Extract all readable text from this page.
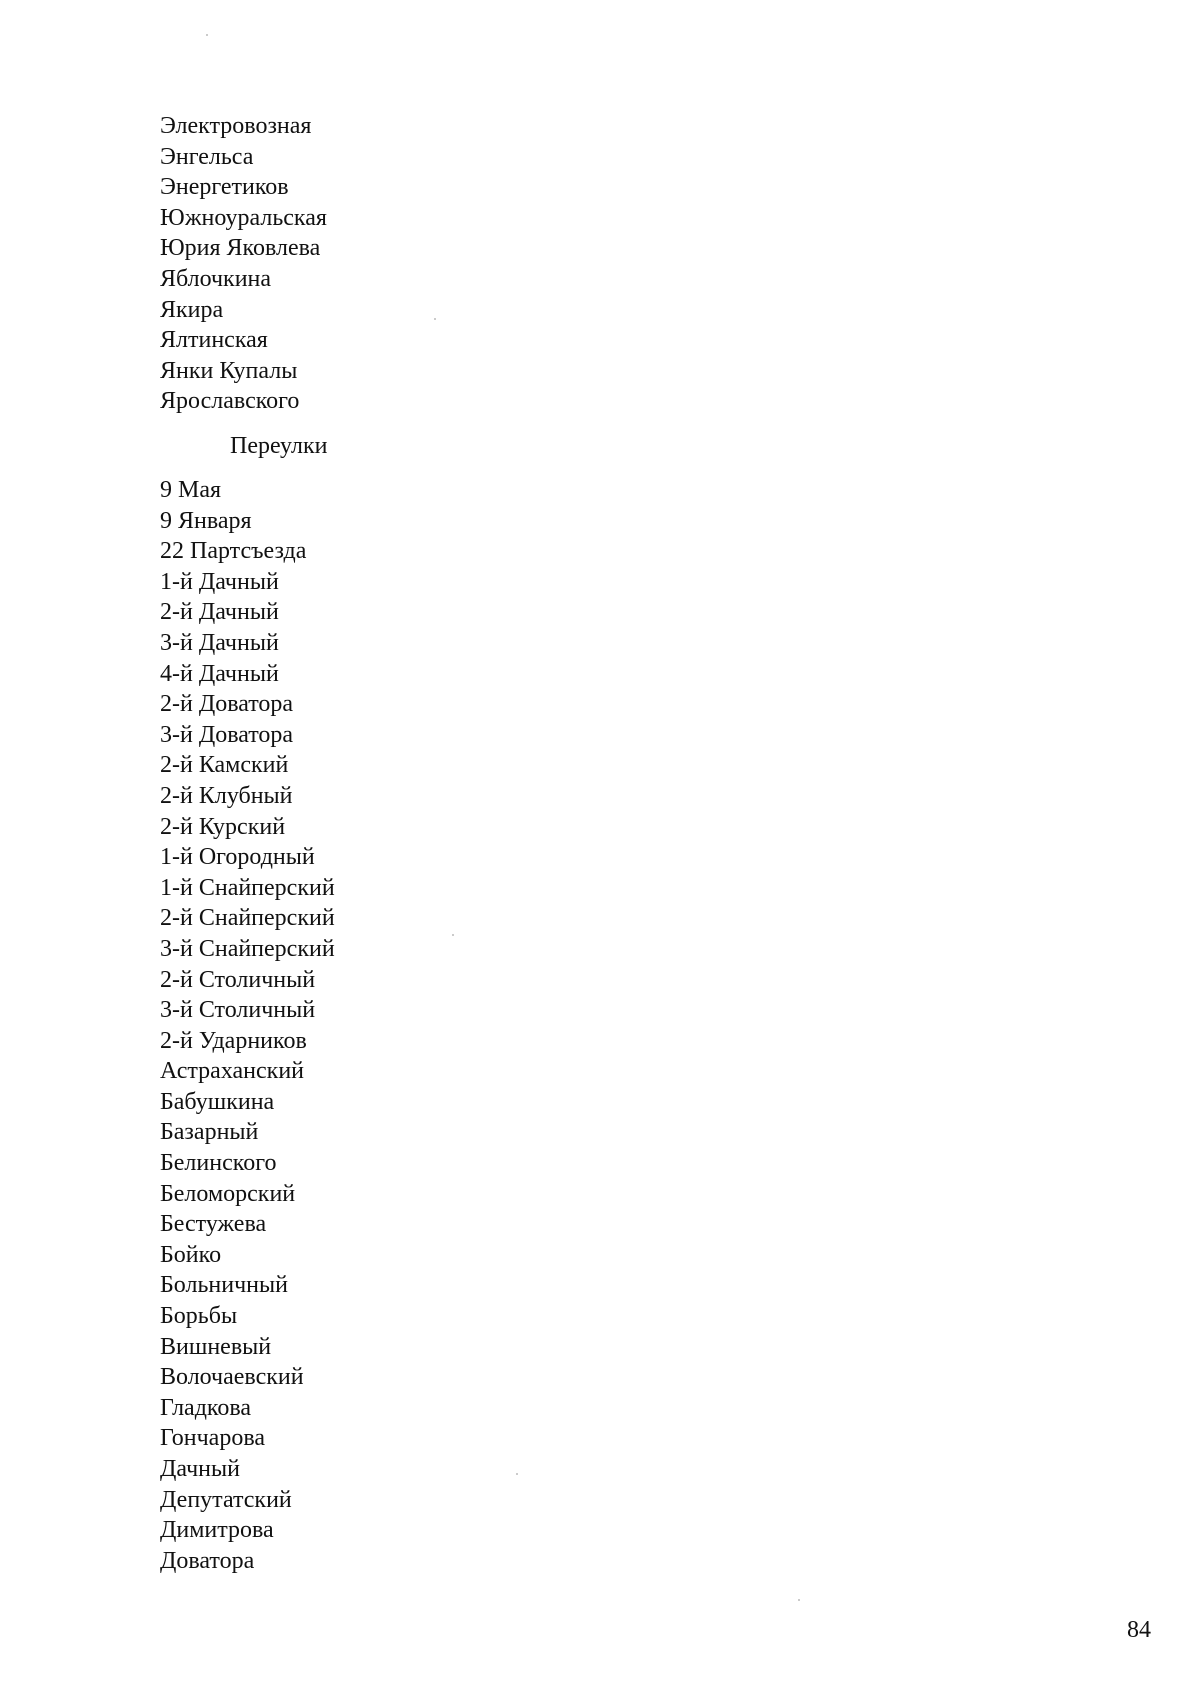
Электровозная
Энгельса
Энергетиков
Южноуральская
Юрия Яковлева
Яблочкина
Якира
Ялтинская
Янки Купалы
Ярославского
Переулки
9 Мая
9 Января
22 Партсъезда
1-й Дачный
2-й Дачный
3-й Дачный
4-й Дачный
2-й Доватора
3-й Доватора
2-й Камский
2-й Клубный
2-й Курский
1-й Огородный
1-й Снайперский
2-й Снайперский
3-й Снайперский
2-й Столичный
3-й Столичный
2-й Ударников
Астраханский
Бабушкина
Базарный
Белинского
Беломорский
Бестужева
Бойко
Больничный
Борьбы
Вишневый
Волочаевский
Гладкова
Гончарова
Дачный
Депутатский
Димитрова
Доватора
84
